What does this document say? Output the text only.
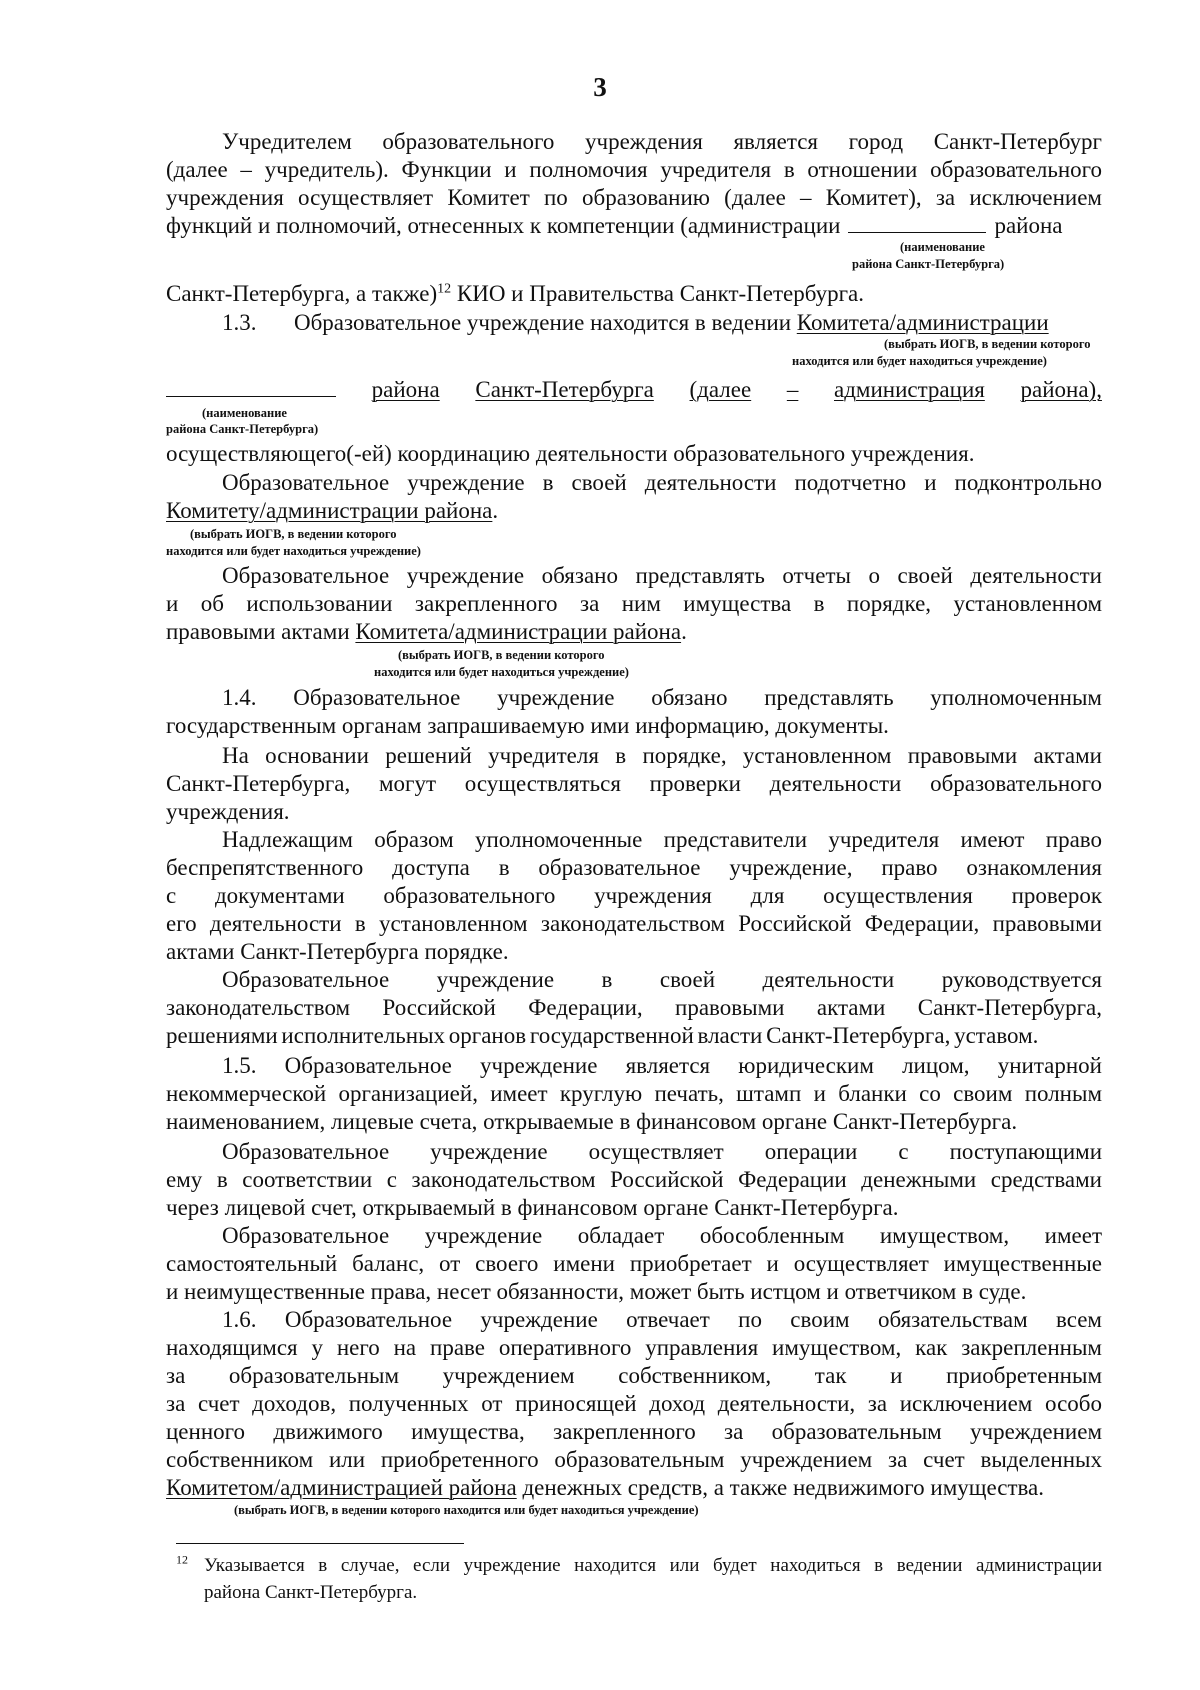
3
Учредителем образовательного учреждения является город Санкт-Петербург
(далее – учредитель). Функции и полномочия учредителя в отношении образовательного
учреждения осуществляет Комитет по образованию (далее – Комитет), за исключением
функций и полномочий, отнесенных к компетенции (администрации	района
(наименование
района Санкт-Петербурга)
Санкт-Петербурга, а также)$^{12}$ КИО и Правительства Санкт-Петербурга.
1.3. Образовательное учреждение находится в ведении Комитета/администрации
(выбрать ИОГВ, в ведении которого
находится или будет находиться учреждение)
района Санкт-Петербурга (далее – администрация района),
(наименование
района Санкт-Петербурга)
осуществляющего(-ей) координацию деятельности образовательного учреждения.
Образовательное учреждение в своей деятельности подотчетно и подконтрольно
Комитету/администрации района.
(выбрать ИОГВ, в ведении которого
находится или будет находиться учреждение)
Образовательное учреждение обязано представлять отчеты о своей деятельности
и об использовании закрепленного за ним имущества в порядке, установленном
правовыми актами Комитета/администрации района.
(выбрать ИОГВ, в ведении которого
находится или будет находиться учреждение)
1.4. Образовательное учреждение обязано представлять уполномоченным
государственным органам запрашиваемую ими информацию, документы.
На основании решений учредителя в порядке, установленном правовыми актами
Санкт-Петербурга, могут осуществляться проверки деятельности образовательного
учреждения.
Надлежащим образом уполномоченные представители учредителя имеют право
беспрепятственного доступа в образовательное учреждение, право ознакомления
с документами образовательного учреждения для осуществления проверок
его деятельности в установленном законодательством Российской Федерации, правовыми
актами Санкт-Петербурга порядке.
Образовательное учреждение в своей деятельности руководствуется
законодательством Российской Федерации, правовыми актами Санкт-Петербурга,
решениями исполнительных органов государственной власти Санкт-Петербурга, уставом.
1.5. Образовательное учреждение является юридическим лицом, унитарной
некоммерческой организацией, имеет круглую печать, штамп и бланки со своим полным
наименованием, лицевые счета, открываемые в финансовом органе Санкт-Петербурга.
Образовательное учреждение осуществляет операции с поступающими
ему в соответствии с законодательством Российской Федерации денежными средствами
через лицевой счет, открываемый в финансовом органе Санкт-Петербурга.
Образовательное учреждение обладает обособленным имуществом, имеет
самостоятельный баланс, от своего имени приобретает и осуществляет имущественные
и неимущественные права, несет обязанности, может быть истцом и ответчиком в суде.
1.6. Образовательное учреждение отвечает по своим обязательствам всем
находящимся у него на праве оперативного управления имуществом, как закрепленным
за образовательным учреждением собственником, так и приобретенным
за счет доходов, полученных от приносящей доход деятельности, за исключением особо
ценного движимого имущества, закрепленного за образовательным учреждением
собственником или приобретенного образовательным учреждением за счет выделенных
Комитетом/администрацией района денежных средств, а также недвижимого имущества.
(выбрать ИОГВ, в ведении которого находится или будет находиться учреждение)
$^{12}$ Указывается в случае, если учреждение находится или будет находиться в ведении администрации
района Санкт-Петербурга.
